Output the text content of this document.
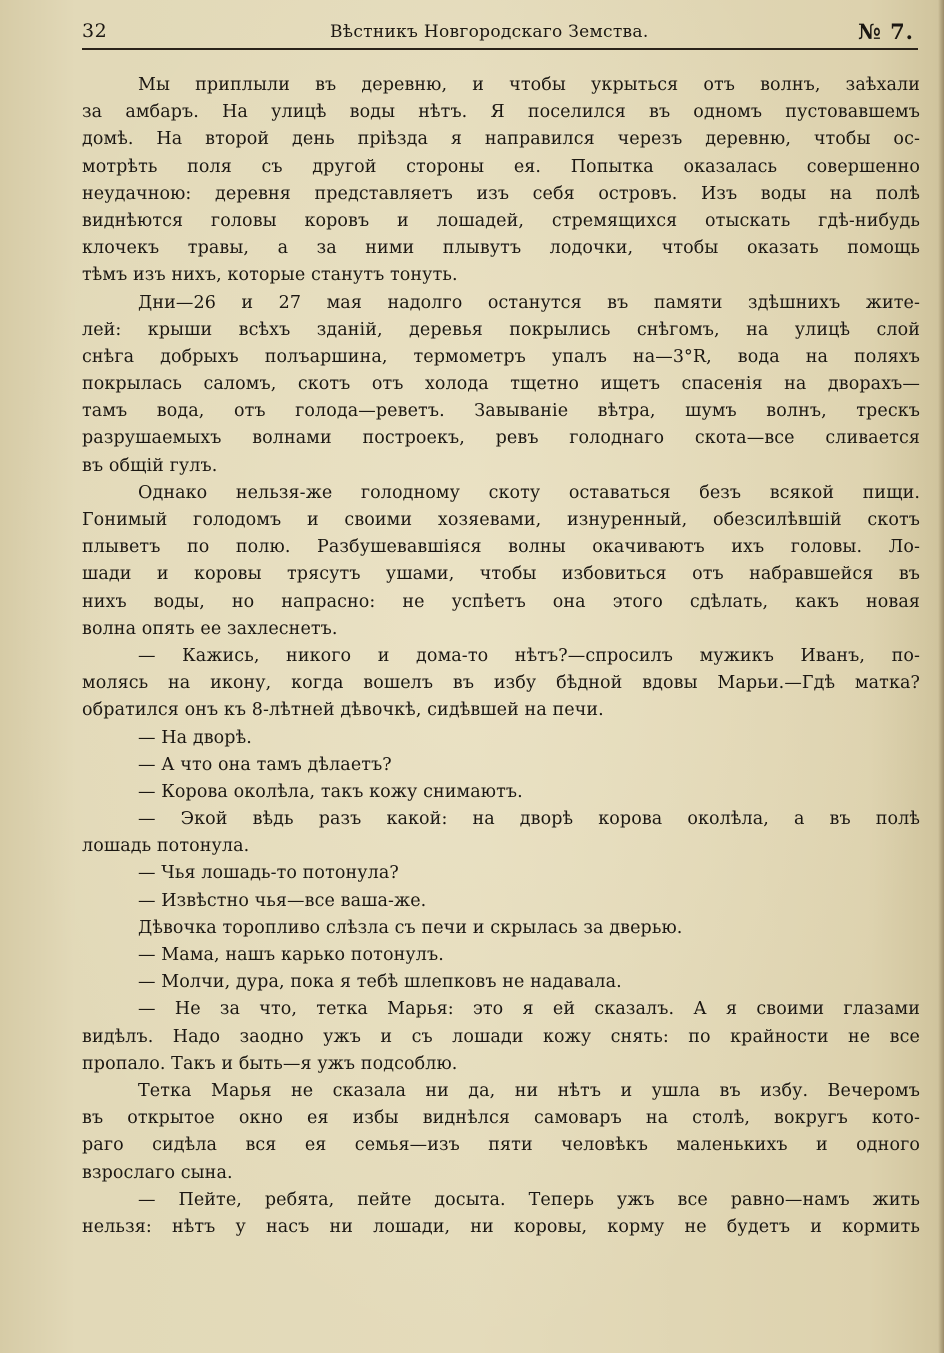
32	Вѣстникъ Новгородскаго Земства.	№ 7.
Мы приплыли въ деревню, и чтобы укрыться отъ волнъ, заѣхали
за амбаръ. На улицѣ воды нѣтъ. Я поселился въ одномъ пустовавшемъ
домѣ. На второй день прiѣзда я направился черезъ деревню, чтобы ос-
мотрѣть поля съ другой стороны ея. Попытка оказалась совершенно
неудачною: деревня представляетъ изъ себя островъ. Изъ воды на полѣ
виднѣются головы коровъ и лошадей, стремящихся отыскать гдѣ-нибудь
клочекъ травы, а за ними плывутъ лодочки, чтобы оказать помощь
тѣмъ изъ нихъ, которые станутъ тонуть.
Дни—26 и 27 мая надолго останутся въ памяти здѣшнихъ жите-
лей: крыши всѣхъ зданiй, деревья покрылись снѣгомъ, на улицѣ слой
снѣга добрыхъ полъаршина, термометръ упалъ на—3°R, вода на поляхъ
покрылась саломъ, скотъ отъ холода тщетно ищетъ спасенiя на дворахъ—
тамъ вода, отъ голода—реветъ. Завыванiе вѣтра, шумъ волнъ, трескъ
разрушаемыхъ волнами построекъ, ревъ голоднаго скота—все сливается
въ общiй гулъ.
Однако нельзя-же голодному скоту оставаться безъ всякой пищи.
Гонимый голодомъ и своими хозяевами, изнуренный, обезсилѣвшiй скотъ
плыветъ по полю. Разбушевавшiяся волны окачиваютъ ихъ головы. Ло-
шади и коровы трясутъ ушами, чтобы избовиться отъ набравшейся въ
нихъ воды, но напрасно: не успѣетъ она этого сдѣлать, какъ новая
волна опять ее захлеснетъ.
— Кажись, никого и дома-то нѣтъ?—спросилъ мужикъ Иванъ, по-
молясь на икону, когда вошелъ въ избу бѣдной вдовы Марьи.—Гдѣ матка?
обратился онъ къ 8-лѣтней дѣвочкѣ, сидѣвшей на печи.
— На дворѣ.
— А что она тамъ дѣлаетъ?
— Корова околѣла, такъ кожу снимаютъ.
— Экой вѣдь разъ какой: на дворѣ корова околѣла, а въ полѣ
лошадь потонула.
— Чья лошадь-то потонула?
— Извѣстно чья—все ваша-же.
Дѣвочка торопливо слѣзла съ печи и скрылась за дверью.
— Мама, нашъ карько потонулъ.
— Молчи, дура, пока я тебѣ шлепковъ не надавала.
— Не за что, тетка Марья: это я ей сказалъ. А я своими глазами
видѣлъ. Надо заодно ужъ и съ лошади кожу снять: по крайности не все
пропало. Такъ и быть—я ужъ подсоблю.
Тетка Марья не сказала ни да, ни нѣтъ и ушла въ избу. Вечеромъ
въ открытое окно ея избы виднѣлся самоваръ на столѣ, вокругъ кото-
раго сидѣла вся ея семья—изъ пяти человѣкъ маленькихъ и одного
взрослаго сына.
— Пейте, ребята, пейте досыта. Теперь ужъ все равно—намъ жить
нельзя: нѣтъ у насъ ни лошади, ни коровы, корму не будетъ и кормить
